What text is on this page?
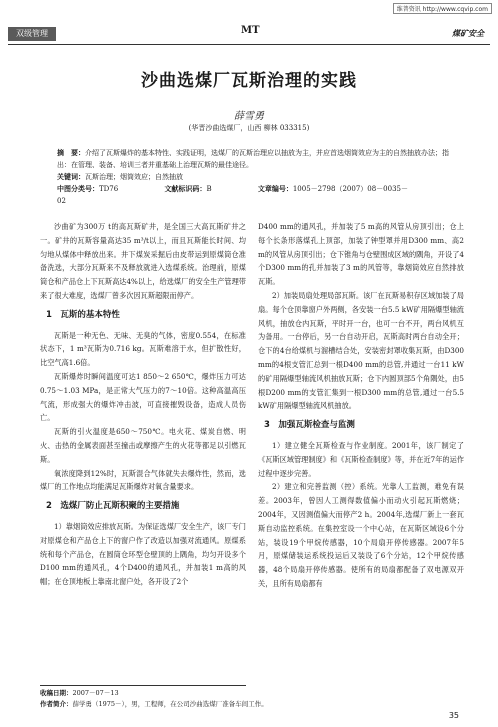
维普资讯 http://www.cqvip.com
双级管理	MT	煤矿安全
沙曲选煤厂瓦斯治理的实践
薛雪勇
(华晋沙曲选煤厂，山西 柳林 033315)
摘　要：介绍了瓦斯爆炸的基本特性、实践证明，选煤厂的瓦斯治理应以抽放为主，并应首选烟筒效应为主的自然抽放办法；指出：在管理、装备、培训三者并重基础上治理瓦斯的最佳途径。
关键词：瓦斯治理；烟筒效应；自然抽放
中图分类号：TD76	文献标识码：B	文章编号：1005－2798（2007）08－0035－02

沙曲矿为300万 t的高瓦斯矿井，是全国三大高瓦斯矿井之一。矿井的瓦斯容量高达35 m³/t以上，而且瓦斯能长时间、均匀地从煤体中释放出来。井下煤炭采掘后由皮带运到原煤筒仓准备洗选，大部分瓦斯来不及释放就进入选煤系统。治理前，原煤筒仓和产品仓上下瓦斯高达4%以上，给选煤厂的安全生产管理带来了很大难度，选煤厂曾多次因瓦斯超限而停产。

1　瓦斯的基本特性

瓦斯是一种无色、无味、无臭的气体，密度0.554，在标准状态下，1 m³瓦斯为0.716 kg。瓦斯难溶于水，但扩散性好，比空气高1.6倍。

瓦斯爆炸时瞬间温度可达1 850～2 650℃，爆炸压力可达0.75～1.03 MPa，是正常大气压力的7～10倍。这种高温高压气流，形成强大的爆炸冲击波，可直接摧毁设备，造成人员伤亡。

瓦斯的引火温度是650～750℃。电火花、煤炭自燃、明火、击热的金属表面甚至撞击或摩擦产生的火花等都足以引燃瓦斯。

氧浓度降到12%时，瓦斯混合气体就失去爆炸性，然而，选煤厂的工作地点均能满足瓦斯爆炸对氧含量要求。

2　选煤厂防止瓦斯积聚的主要措施

1）靠烟筒效应排放瓦斯。为保证选煤厂安全生产，该厂专门对原煤仓和产品仓上下的窗户作了改造以加强对流通风。原煤系统和每个产品仓，在圆筒仓环型仓壁顶的上隅角，均匀开设多个D100 mm的通风孔，4个D400的通风孔，并加装1 m高的风帽；在仓顶地板上靠南北窗户处，各开设了2个

D400 mm的通风孔，并加装了5 m高的风管从房顶引出；仓上每个长条形落煤孔上顶部，加装了钟型罩并用D300 mm、高2 m的风管从房顶引出；仓下锥角与仓壁围成区域的隅角，开设了4个D300 mm的孔并加装了3 m的风管等，靠烟筒效应自然排放瓦斯。

2）加装局扇处理局部瓦斯。该厂在瓦斯易积存区域加装了局扇。每个仓顶靠窗户外两侧，各安装一台5.5 kW矿用隔爆型轴流风机，抽放仓内瓦斯，平时开一台，也可一台不开，两台风机互为备用。一台停后，另一台自动开启，瓦斯高时两台自动全开；仓下的4台给煤机与溜槽结合处，安装密封罩收集瓦斯，由D300 mm的4根支管汇总到一根D400 mm的总管,并通过一台11 kW的矿用隔爆型轴流风机抽放瓦斯；仓下内圆顶部5个角隅处，由5根D200 mm的支管汇集到一根D300 mm的总管,通过一台5.5 kW矿用隔爆型轴流风机抽放。

3　加强瓦斯检查与监测

1）建立健全瓦斯检查与作业制度。2001年，该厂制定了《瓦斯区域管理制度》和《瓦斯检查制度》等，并在近7年的运作过程中逐步完善。

2）建立和完善监测（控）系统。光靠人工监测，难免有误差。2003年，曾因人工测得数值偏小而动火引起瓦斯燃烧；2004年，又因测值偏大而停产2 h。2004年,选煤厂新上一套瓦斯自动监控系统。在集控室设一个中心站，在瓦斯区域设6个分站，装设19个甲烷传感器，10个局扇开停传感器。2007年5月，原煤储装运系统投运后又装设了6个分站，12个甲烷传感器，48个局扇开停传感器。使所有的局扇都配备了双电源双开关，且所有局扇都有

收稿日期：2007－07－13
作者简介：薛学勇（1975－），男，工程师，在公司沙曲选煤厂准备车间工作。
35
